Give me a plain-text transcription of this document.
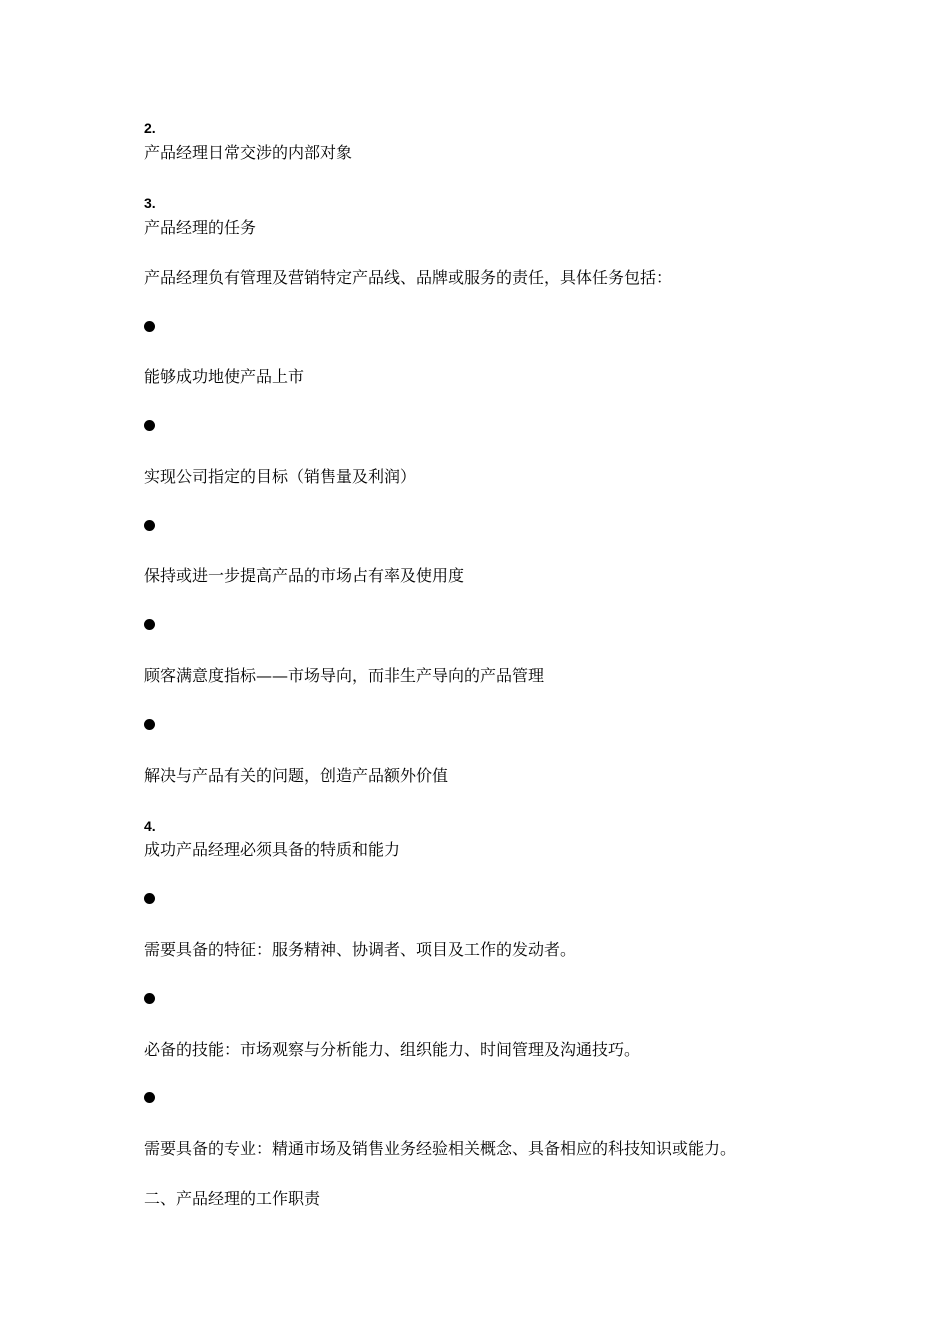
2.
产品经理日常交涉的内部对象
3.
产品经理的任务
产品经理负有管理及营销特定产品线、品牌或服务的责任，具体任务包括：
能够成功地使产品上市
实现公司指定的目标（销售量及利润）
保持或进一步提高产品的市场占有率及使用度
顾客满意度指标——市场导向，而非生产导向的产品管理
解决与产品有关的问题，创造产品额外价值
4.
成功产品经理必须具备的特质和能力
需要具备的特征：服务精神、协调者、项目及工作的发动者。
必备的技能：市场观察与分析能力、组织能力、时间管理及沟通技巧。
需要具备的专业：精通市场及销售业务经验相关概念、具备相应的科技知识或能力。
二、产品经理的工作职责
